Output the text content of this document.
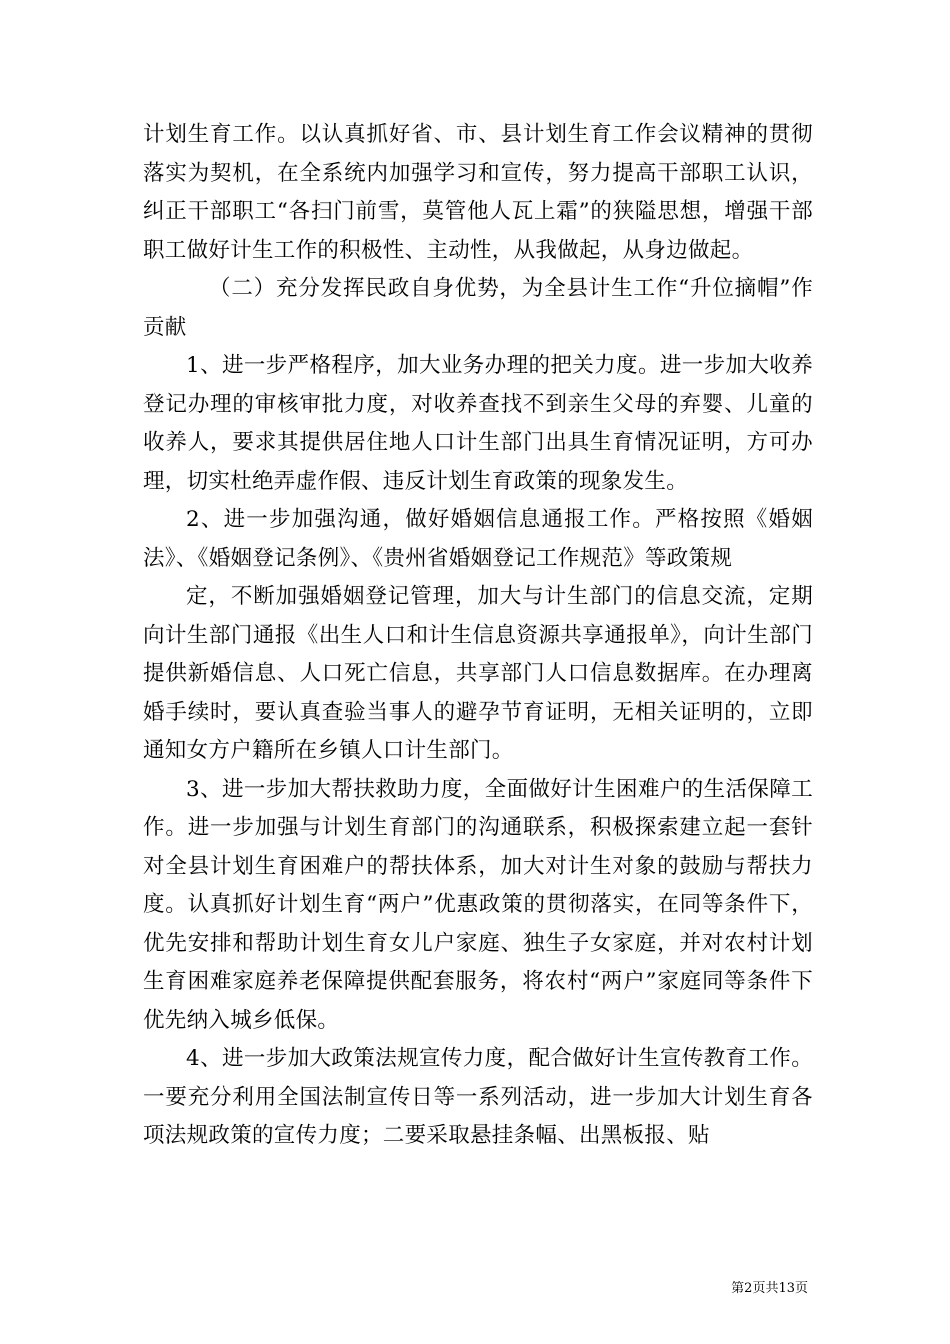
计划生育工作。以认真抓好省、市、县计划生育工作会议精神的贯彻落实为契机，在全系统内加强学习和宣传，努力提高干部职工认识，纠正干部职工“各扫门前雪，莫管他人瓦上霜”的狭隘思想，增强干部职工做好计生工作的积极性、主动性，从我做起，从身边做起。

（二）充分发挥民政自身优势，为全县计生工作“升位摘帽”作贡献

1、进一步严格程序，加大业务办理的把关力度。进一步加大收养登记办理的审核审批力度，对收养查找不到亲生父母的弃婴、儿童的收养人，要求其提供居住地人口计生部门出具生育情况证明，方可办理，切实杜绝弄虚作假、违反计划生育政策的现象发生。

2、进一步加强沟通，做好婚姻信息通报工作。严格按照《婚姻法》、《婚姻登记条例》、《贵州省婚姻登记工作规范》等政策规

定，不断加强婚姻登记管理，加大与计生部门的信息交流，定期向计生部门通报《出生人口和计生信息资源共享通报单》，向计生部门提供新婚信息、人口死亡信息，共享部门人口信息数据库。在办理离婚手续时，要认真查验当事人的避孕节育证明，无相关证明的，立即通知女方户籍所在乡镇人口计生部门。

3、进一步加大帮扶救助力度，全面做好计生困难户的生活保障工作。进一步加强与计划生育部门的沟通联系，积极探索建立起一套针对全县计划生育困难户的帮扶体系，加大对计生对象的鼓励与帮扶力度。认真抓好计划生育“两户”优惠政策的贯彻落实，在同等条件下，优先安排和帮助计划生育女儿户家庭、独生子女家庭，并对农村计划生育困难家庭养老保障提供配套服务，将农村“两户”家庭同等条件下优先纳入城乡低保。

4、进一步加大政策法规宣传力度，配合做好计生宣传教育工作。一要充分利用全国法制宣传日等一系列活动，进一步加大计划生育各项法规政策的宣传力度；二要采取悬挂条幅、出黑板报、贴

第2页共13页
